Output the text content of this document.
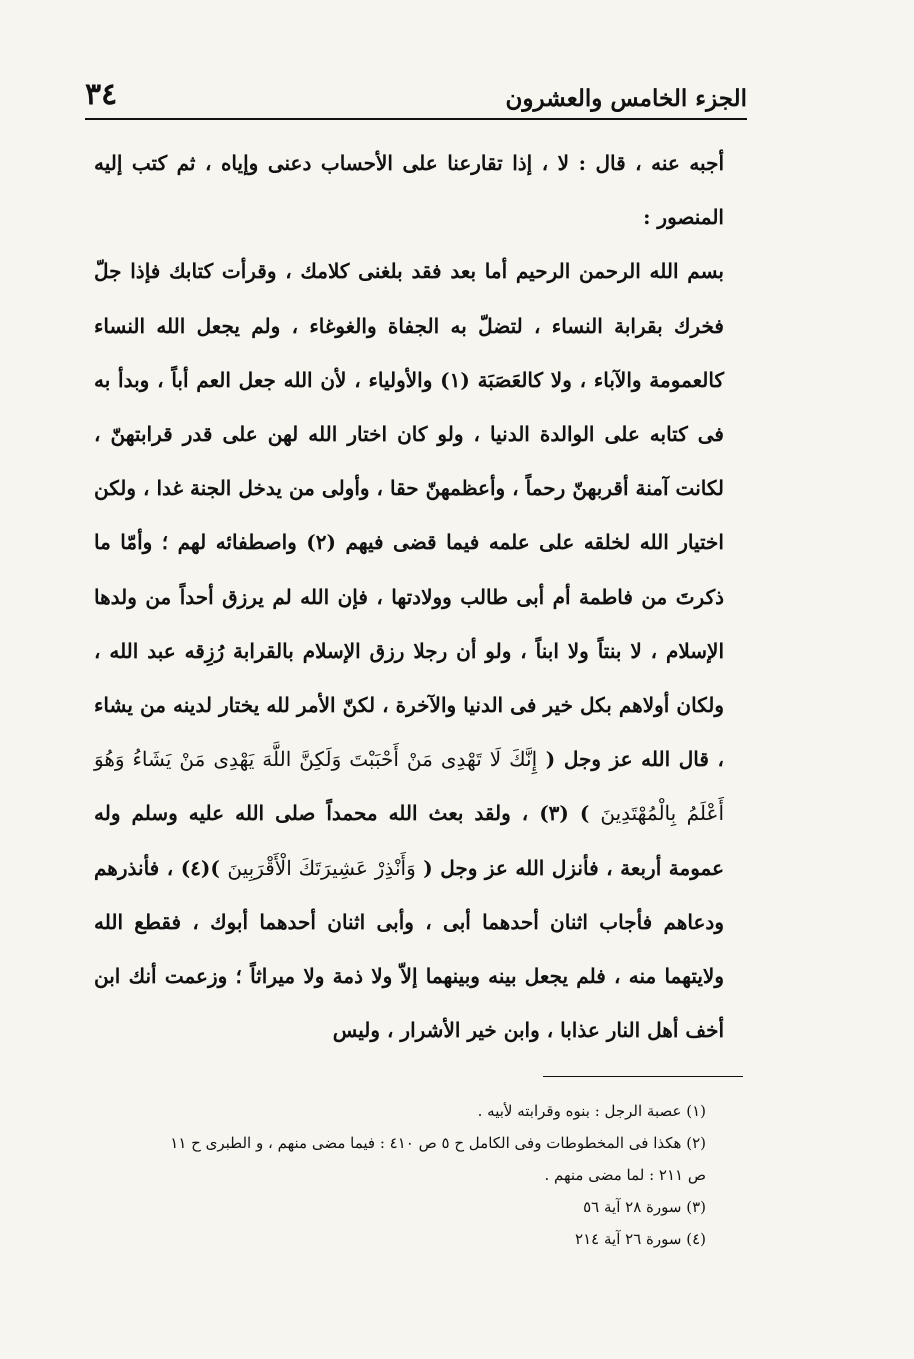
٣٤	الجزء الخامس والعشرون

أجبه عنه ، قال : لا ، إذا تقارعنا على الأحساب دعنى وإياه ، ثم كتب إليه المنصور :

بسم الله الرحمن الرحيم أما بعد فقد بلغنى كلامك ، وقرأت كتابك فإذا جلّ فخرك بقرابة النساء ، لتضلّ به الجفاة والغوغاء ، ولم يجعل الله النساء كالعمومة والآباء ، ولا كالعَصَبَة (١) والأولياء ، لأن الله جعل العم أباً ، وبدأ به فى كتابه على الوالدة الدنيا ، ولو كان اختار الله لهن على قدر قرابتهنّ ، لكانت آمنة أقربهنّ رحماً ، وأعظمهنّ حقا ، وأولى من يدخل الجنة غدا ، ولكن اختيار الله لخلقه على علمه فيما قضى فيهم (٢) واصطفائه لهم ؛ وأمّا ما ذكرتَ من فاطمة أم أبى طالب وولادتها ، فإن الله لم يرزق أحداً من ولدها الإسلام ، لا بنتاً ولا ابناً ، ولو أن رجلا رزق الإسلام بالقرابة رُزِقه عبد الله ، ولكان أولاهم بكل خير فى الدنيا والآخرة ، لكنّ الأمر لله يختار لدينه من يشاء ، قال الله عز وجل ( إِنَّكَ لَا تَهْدِى مَنْ أَحْبَبْتَ وَلَكِنَّ اللَّهَ يَهْدِى مَنْ يَشَاءُ وَهُوَ أَعْلَمُ بِالْمُهْتَدِينَ ) (٣) ، ولقد بعث الله محمداً صلى الله عليه وسلم وله عمومة أربعة ، فأنزل الله عز وجل ( وَأَنْذِرْ عَشِيرَتَكَ الْأَقْرَبِينَ )(٤) ، فأنذرهم ودعاهم فأجاب اثنان أحدهما أبى ، وأبى اثنان أحدهما أبوك ، فقطع الله ولايتهما منه ، فلم يجعل بينه وبينهما إلاّ ولا ذمة ولا ميراثاً ؛ وزعمت أنك ابن أخف أهل النار عذابا ، وابن خير الأشرار ، وليس

(١) عصبة الرجل : بنوه وقرابته لأبيه .
(٢) هكذا فى المخطوطات وفى الكامل ح ٥ ص ٤١٠ : فيما مضى منهم ، و الطبرى ح ١١
ص ٢١١ : لما مضى منهم .
(٣) سورة ٢٨ آية ٥٦
(٤) سورة ٢٦ آية ٢١٤
